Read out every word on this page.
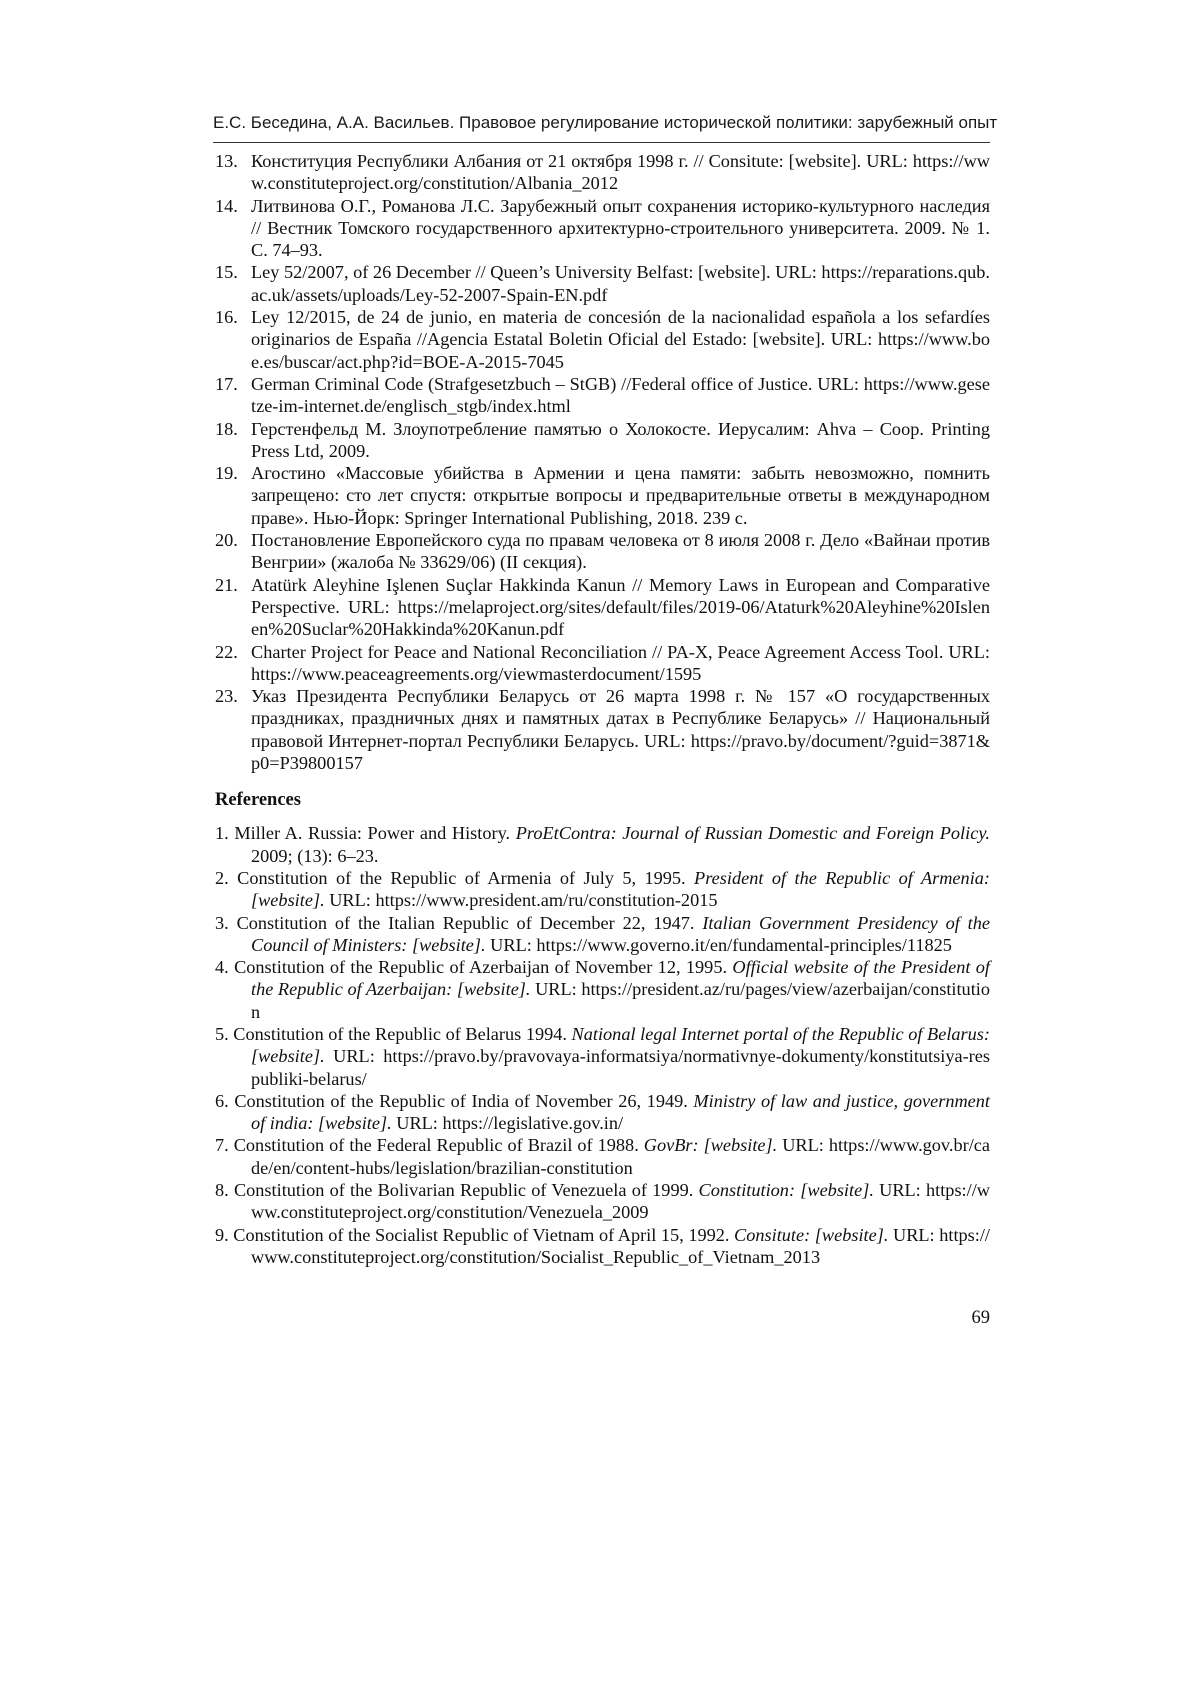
Е.С. Беседина, А.А. Васильев. Правовое регулирование исторической политики: зарубежный опыт
13. Конституция Республики Албания от 21 октября 1998 г. // Consitute: [website]. URL: https://www.constituteproject.org/constitution/Albania_2012
14. Литвинова О.Г., Романова Л.С. Зарубежный опыт сохранения историко-культурного наследия // Вестник Томского государственного архитектурно-строительного университета. 2009. № 1. С. 74–93.
15. Ley 52/2007, of 26 December // Queen’s University Belfast: [website]. URL: https://reparations.qub.ac.uk/assets/uploads/Ley-52-2007-Spain-EN.pdf
16. Ley 12/2015, de 24 de junio, en materia de concesión de la nacionalidad española a los sefardíes originarios de España //Agencia Estatal Boletin Oficial del Estado: [website]. URL: https://www.boe.es/buscar/act.php?id=BOE-A-2015-7045
17. German Criminal Code (Strafgesetzbuch – StGB) //Federal office of Justice. URL: https://www.gesetze-im-internet.de/englisch_stgb/index.html
18. Герстенфельд М. Злоупотребление памятью о Холокосте. Иерусалим: Ahva – Coop. Printing Press Ltd, 2009.
19. Агостино «Массовые убийства в Армении и цена памяти: забыть невозможно, помнить запрещено: сто лет спустя: открытые вопросы и предварительные ответы в международном праве». Нью-Йорк: Springer International Publishing, 2018. 239 с.
20. Постановление Европейского суда по правам человека от 8 июля 2008 г. Дело «Вайнаи против Венгрии» (жалоба № 33629/06) (II секция).
21. Atatürk Aleyhine Işlenen Suçlar Hakkinda Kanun // Memory Laws in European and Comparative Perspective. URL: https://melaproject.org/sites/default/files/2019-06/Ataturk%20Aleyhine%20Islenen%20Suclar%20Hakkinda%20Kanun.pdf
22. Charter Project for Peace and National Reconciliation // PA-X, Peace Agreement Access Tool. URL: https://www.peaceagreements.org/viewmasterdocument/1595
23. Указ Президента Республики Беларусь от 26 марта 1998 г. № 157 «О государственных праздниках, праздничных днях и памятных датах в Республике Беларусь» // Национальный правовой Интернет-портал Республики Беларусь. URL: https://pravo.by/document/?guid=3871&p0=P39800157
References
1. Miller A. Russia: Power and History. ProEtContra: Journal of Russian Domestic and Foreign Policy. 2009; (13): 6–23.
2. Constitution of the Republic of Armenia of July 5, 1995. President of the Republic of Armenia: [website]. URL: https://www.president.am/ru/constitution-2015
3. Constitution of the Italian Republic of December 22, 1947. Italian Government Presidency of the Council of Ministers: [website]. URL: https://www.governo.it/en/fundamental-principles/11825
4. Constitution of the Republic of Azerbaijan of November 12, 1995. Official website of the President of the Republic of Azerbaijan: [website]. URL: https://president.az/ru/pages/view/azerbaijan/constitution
5. Constitution of the Republic of Belarus 1994. National legal Internet portal of the Republic of Belarus: [website]. URL: https://pravo.by/pravovaya-informatsiya/normativnye-dokumenty/konstitutsiya-respubliki-belarus/
6. Constitution of the Republic of India of November 26, 1949. Ministry of law and justice, government of india: [website]. URL: https://legislative.gov.in/
7. Constitution of the Federal Republic of Brazil of 1988. GovBr: [website]. URL: https://www.gov.br/cade/en/content-hubs/legislation/brazilian-constitution
8. Constitution of the Bolivarian Republic of Venezuela of 1999. Constitution: [website]. URL: https://www.constituteproject.org/constitution/Venezuela_2009
9. Constitution of the Socialist Republic of Vietnam of April 15, 1992. Consitute: [website]. URL: https://www.constituteproject.org/constitution/Socialist_Republic_of_Vietnam_2013
69
